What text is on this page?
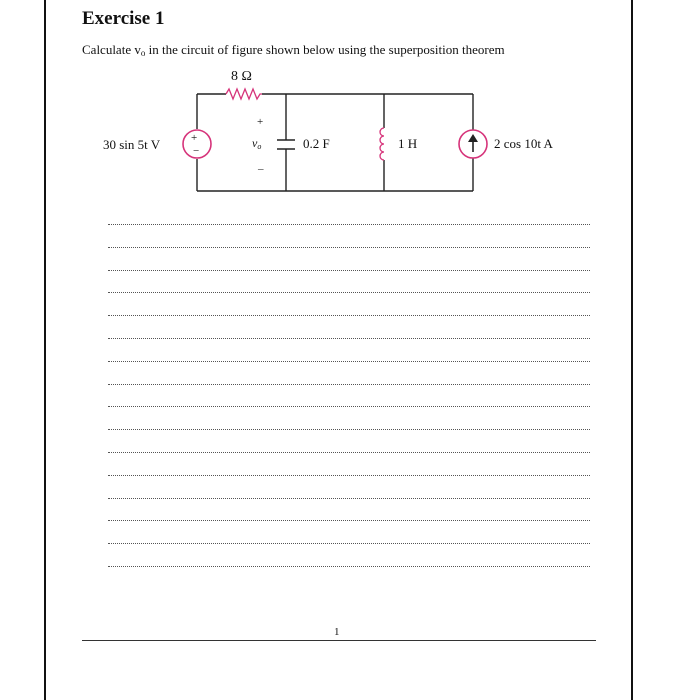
Exercise 1
Calculate $v_o$ in the circuit of figure shown below using the superposition theorem
8 Ω
+
−
30 sin 5t V
+
vo
–
0.2 F	1 H	2 cos 10t A
1
